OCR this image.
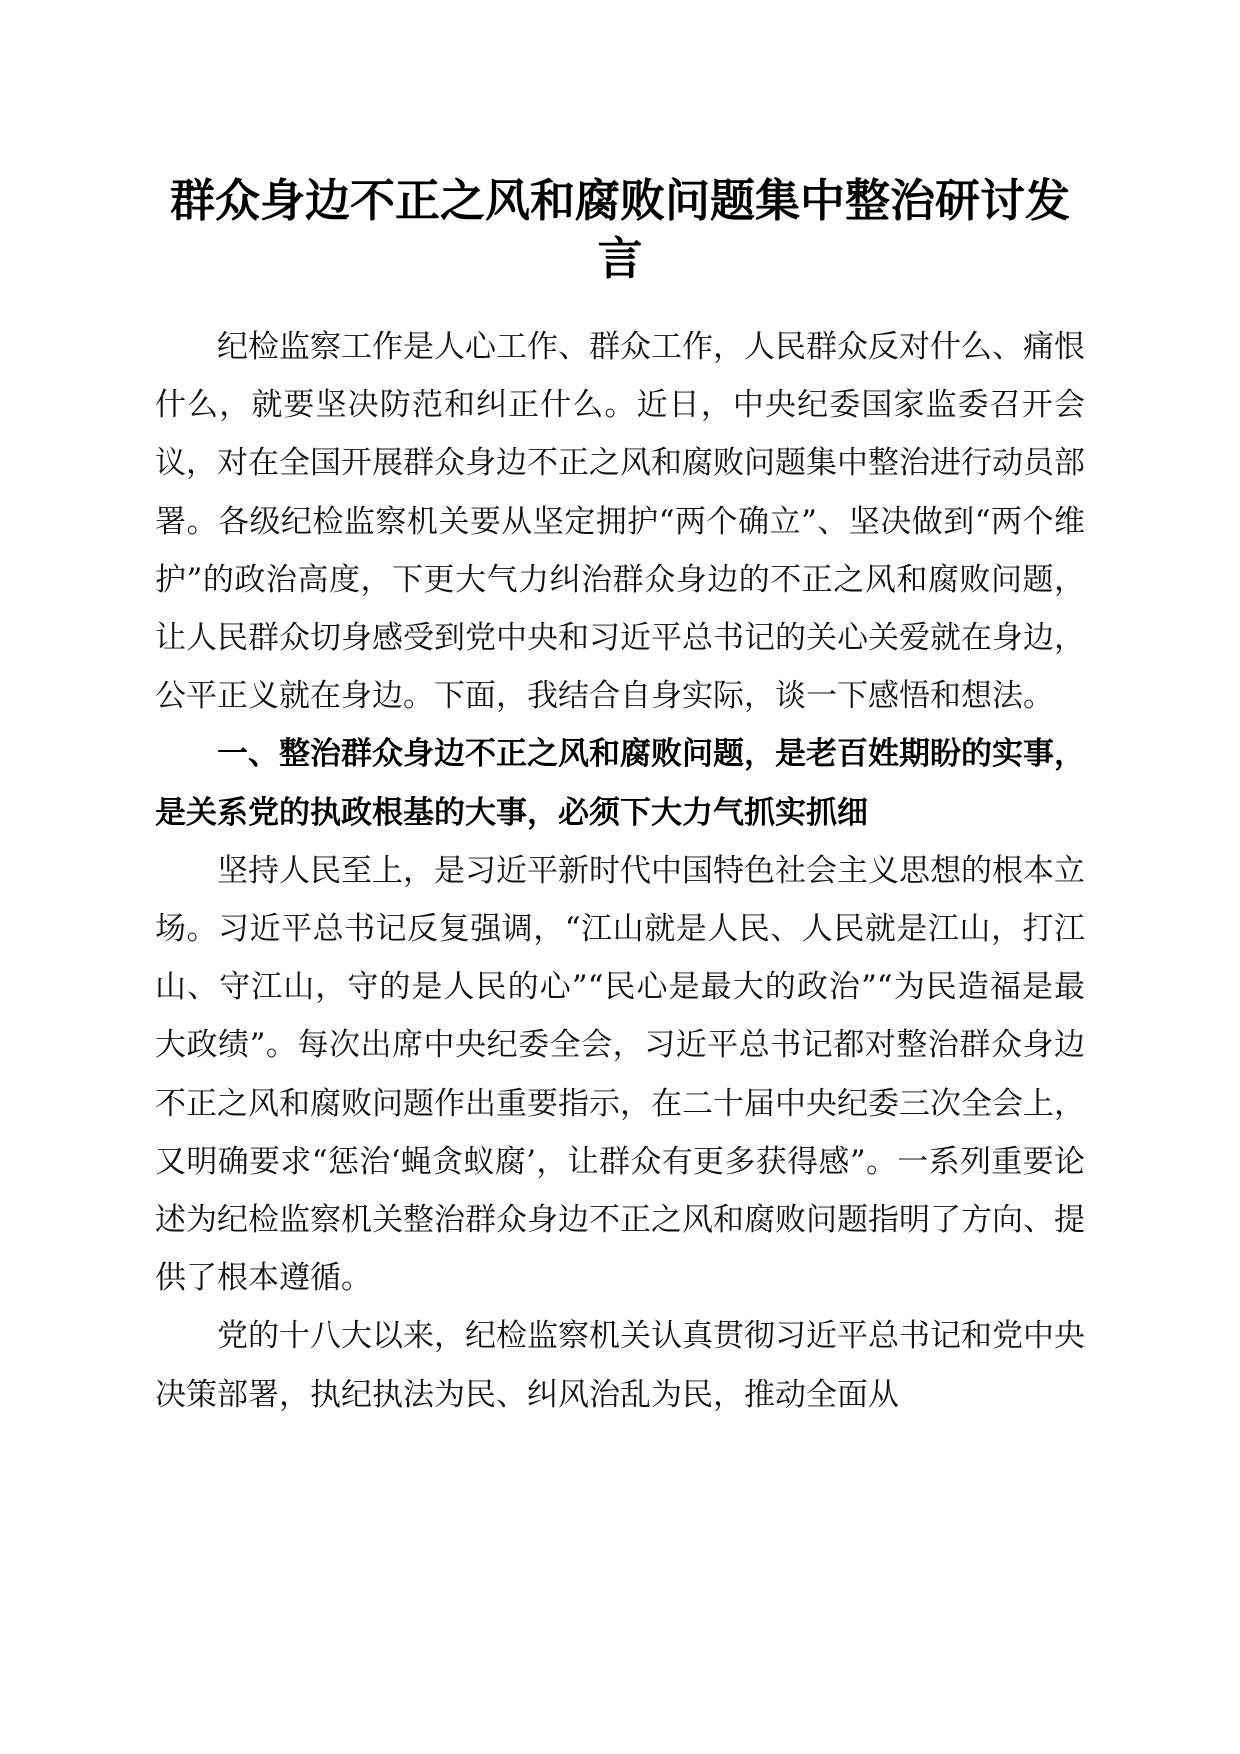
群众身边不正之风和腐败问题集中整治研讨发言

纪检监察工作是人心工作、群众工作，人民群众反对什么、痛恨什么，就要坚决防范和纠正什么。近日，中央纪委国家监委召开会议，对在全国开展群众身边不正之风和腐败问题集中整治进行动员部署。各级纪检监察机关要从坚定拥护“两个确立”、坚决做到“两个维护”的政治高度，下更大气力纠治群众身边的不正之风和腐败问题，让人民群众切身感受到党中央和习近平总书记的关心关爱就在身边，公平正义就在身边。下面，我结合自身实际，谈一下感悟和想法。

一、整治群众身边不正之风和腐败问题，是老百姓期盼的实事，是关系党的执政根基的大事，必须下大力气抓实抓细

坚持人民至上，是习近平新时代中国特色社会主义思想的根本立场。习近平总书记反复强调，“江山就是人民、人民就是江山，打江山、守江山，守的是人民的心”“民心是最大的政治”“为民造福是最大政绩”。每次出席中央纪委全会，习近平总书记都对整治群众身边不正之风和腐败问题作出重要指示，在二十届中央纪委三次全会上，又明确要求“惩治‘蝇贪蚁腐’，让群众有更多获得感”。一系列重要论述为纪检监察机关整治群众身边不正之风和腐败问题指明了方向、提供了根本遵循。

党的十八大以来，纪检监察机关认真贯彻习近平总书记和党中央决策部署，执纪执法为民、纠风治乱为民，推动全面从
